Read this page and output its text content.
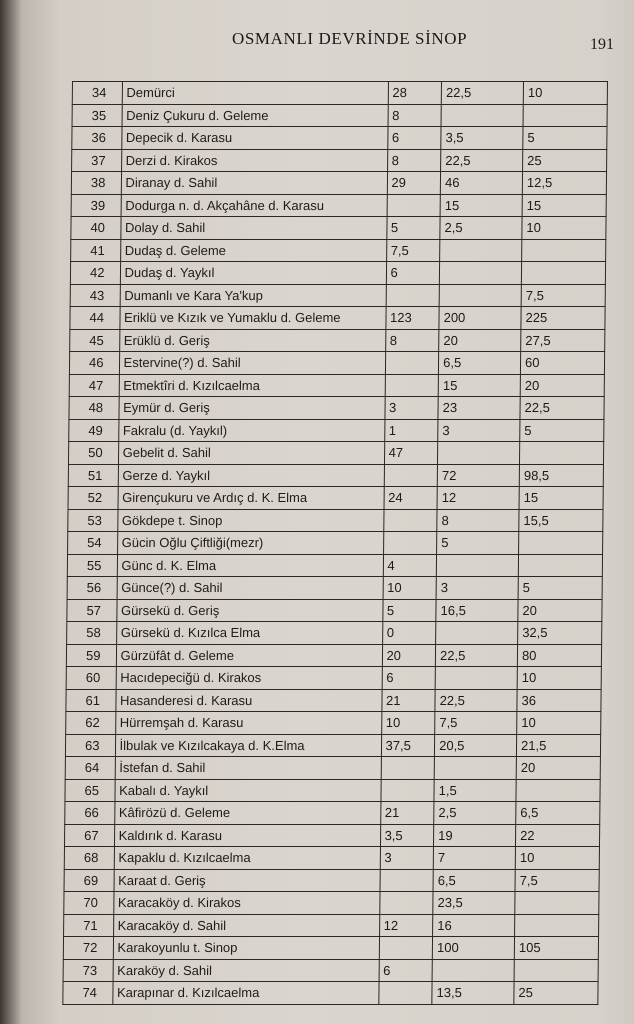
OSMANLI DEVRİNDE SİNOP	191
34	Demürci	28	22,5	10
35	Deniz Çukuru d. Geleme	8		
36	Depecik d. Karasu	6	3,5	5
37	Derzi d. Kirakos	8	22,5	25
38	Diranay d. Sahil	29	46	12,5
39	Dodurga n. d. Akçahâne d. Karasu		15	15
40	Dolay d. Sahil	5	2,5	10
41	Dudaş d. Geleme	7,5		
42	Dudaş d. Yaykıl	6		
43	Dumanlı ve Kara Ya'kup			7,5
44	Eriklü ve Kızık ve Yumaklu d. Geleme	123	200	225
45	Erüklü d. Geriş	8	20	27,5
46	Estervine(?) d. Sahil		6,5	60
47	Etmektîri d. Kızılcaelma		15	20
48	Eymür d. Geriş	3	23	22,5
49	Fakralu (d. Yaykıl)	1	3	5
50	Gebelit d. Sahil	47		
51	Gerze d. Yaykıl		72	98,5
52	Girençukuru ve Ardıç d. K. Elma	24	12	15
53	Gökdepe t. Sinop		8	15,5
54	Gücin Oğlu Çiftliği(mezr)		5	
55	Günc d. K. Elma	4		
56	Günce(?) d. Sahil	10	3	5
57	Gürsekü d. Geriş	5	16,5	20
58	Gürsekü d. Kızılca Elma	0		32,5
59	Gürzüfât d. Geleme	20	22,5	80
60	Hacıdepeciğü d. Kirakos	6		10
61	Hasanderesi d. Karasu	21	22,5	36
62	Hürremşah d. Karasu	10	7,5	10
63	İlbulak ve Kızılcakaya d. K.Elma	37,5	20,5	21,5
64	İstefan d. Sahil			20
65	Kabalı d. Yaykıl		1,5	
66	Kâfirözü d. Geleme	21	2,5	6,5
67	Kaldırık d. Karasu	3,5	19	22
68	Kapaklu d. Kızılcaelma	3	7	10
69	Karaat d. Geriş		6,5	7,5
70	Karacaköy d. Kirakos		23,5	
71	Karacaköy d. Sahil	12	16	
72	Karakoyunlu t. Sinop		100	105
73	Karaköy d. Sahil	6		
74	Karapınar d. Kızılcaelma		13,5	25
